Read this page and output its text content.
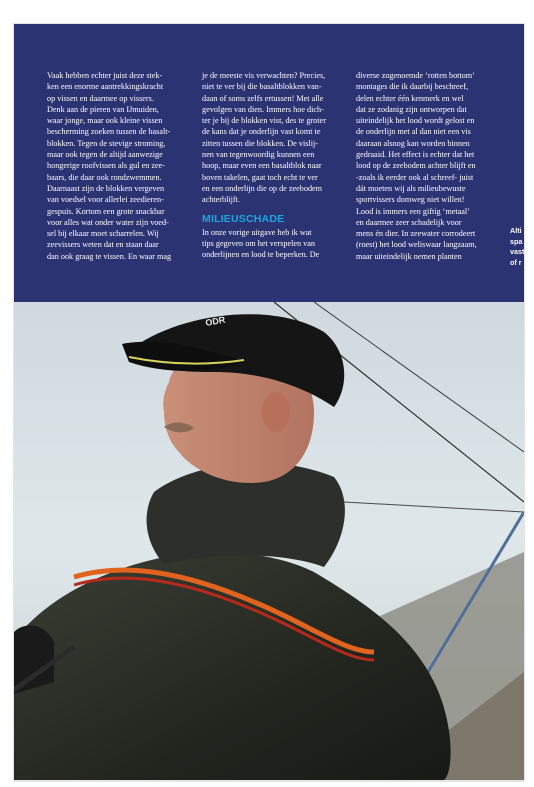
Vaak hebben echter juist deze stek-
ken een enorme aantrekkingskracht
op vissen en daarmee op vissers.
Denk aan de pieren van IJmuiden,
waar jonge, maar ook kleine vissen
bescherming zoeken tussen de basalt-
blokken. Tegen de stevige stroming,
maar ook tegen de altijd aanwezige
hongerige roofvissen als gul en zee-
baars, die daar ook rondzwemmen.
Daarnaast zijn de blokken vergeven
van voedsel voor allerlei zeedieren-
gespuis. Kortom een grote snackbar
voor alles wat onder water zijn voed-
sel bij elkaar moet scharrelen. Wij
zeevissers weten dat en staan daar
dan ook graag te vissen. En waar mag

je de meeste vis verwachten? Precies,
niet te ver bij die basaltblokken van-
daan of soms zelfs ertussen! Met alle
gevolgen van dien. Immers hoe dich-
ter je bij de blokken vist, des te groter
de kans dat je onderlijn vast komt te
zitten tussen die blokken. De vislij-
nen van tegenwoordig kunnen een
hoop, maar even een basaltblok naar
boven takelen, gaat toch echt te ver
en een onderlijn die op de zeebodem
achterblijft.

MILIEUSCHADE

In onze vorige uitgave heb ik wat
tips gegeven om het verspelen van
onderlijnen en lood te beperken. De

diverse zogenoemde ‘rotten bottom’
montages die ik daarbij beschreef,
delen echter één kenmerk en wel
dat ze zodanig zijn ontworpen dat
uiteindelijk het lood wordt gelost en
de onderlijn met al dan niet een vis
daaraan alsnog kan worden binnen
gedraaid. Het effect is echter dat het
lood op de zeebodem achter blijft en
-zoals ik eerder ook al schreef- juist
dát moeten wij als milieubewuste
sportvissers domweg niet willen!
Lood is immers een giftig ‘metaal’
en daarmee zeer schadelijk voor
mens én dier. In zeewater corrodeert
(roest) het lood weliswaar langzaam,
maar uiteindelijk nemen planten

Alti
spa
vast
of r
ODR
